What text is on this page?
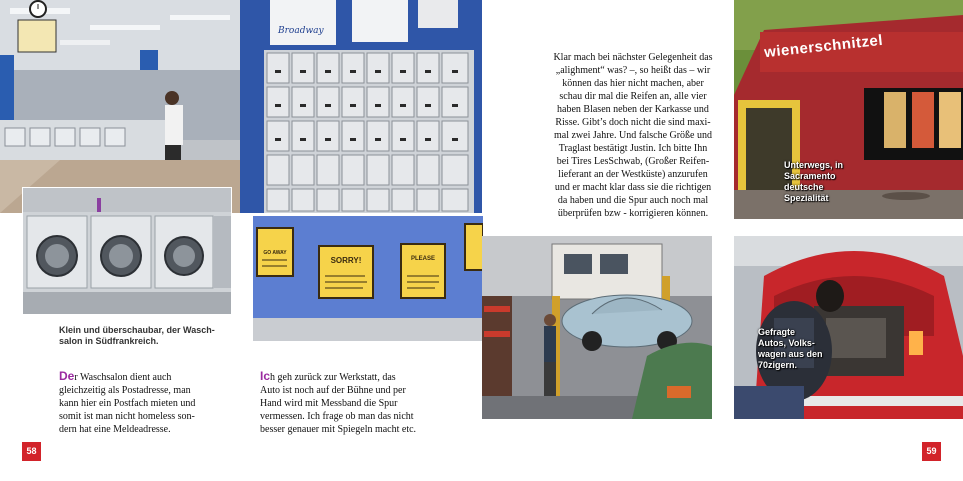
Broadway
GO AWAY
SORRY!	PLEASE
Klein und überschaubar, der Wasch-
salon in Südfrankreich.

Der Waschsalon dient auch
gleichzeitig als Postadresse, man
kann hier ein Postfach mieten und
somit ist man nicht homeless son-
dern hat eine Meldeadresse.

Ich geh zurück zur Werkstatt, das
Auto ist noch auf der Bühne und per
Hand wird mit Messband die Spur
vermessen. Ich frage ob man das nicht
besser genauer mit Spiegeln macht etc.

58
Klar mach bei nächster Gelegenheit das
„alighment“ was? –, so heißt das – wir
können das hier nicht machen, aber
schau dir mal die Reifen an, alle vier
haben Blasen neben der Karkasse und
Risse. Gibt’s doch nicht die sind maxi-
mal zwei Jahre. Und falsche Größe und
Traglast bestätigt Justin. Ich bitte Ihn
bei Tires LesSchwab, (Großer Reifen-
lieferant an der Westküste) anzurufen
und er macht klar dass sie die richtigen
da haben und die Spur auch noch mal
überprüfen bzw - korrigieren können.
wienerschnitzel
Unterwegs, in
Sacramento
deutsche
Spezialität
Gefragte
Autos, Volks-
wagen aus den
70zigern.
59
